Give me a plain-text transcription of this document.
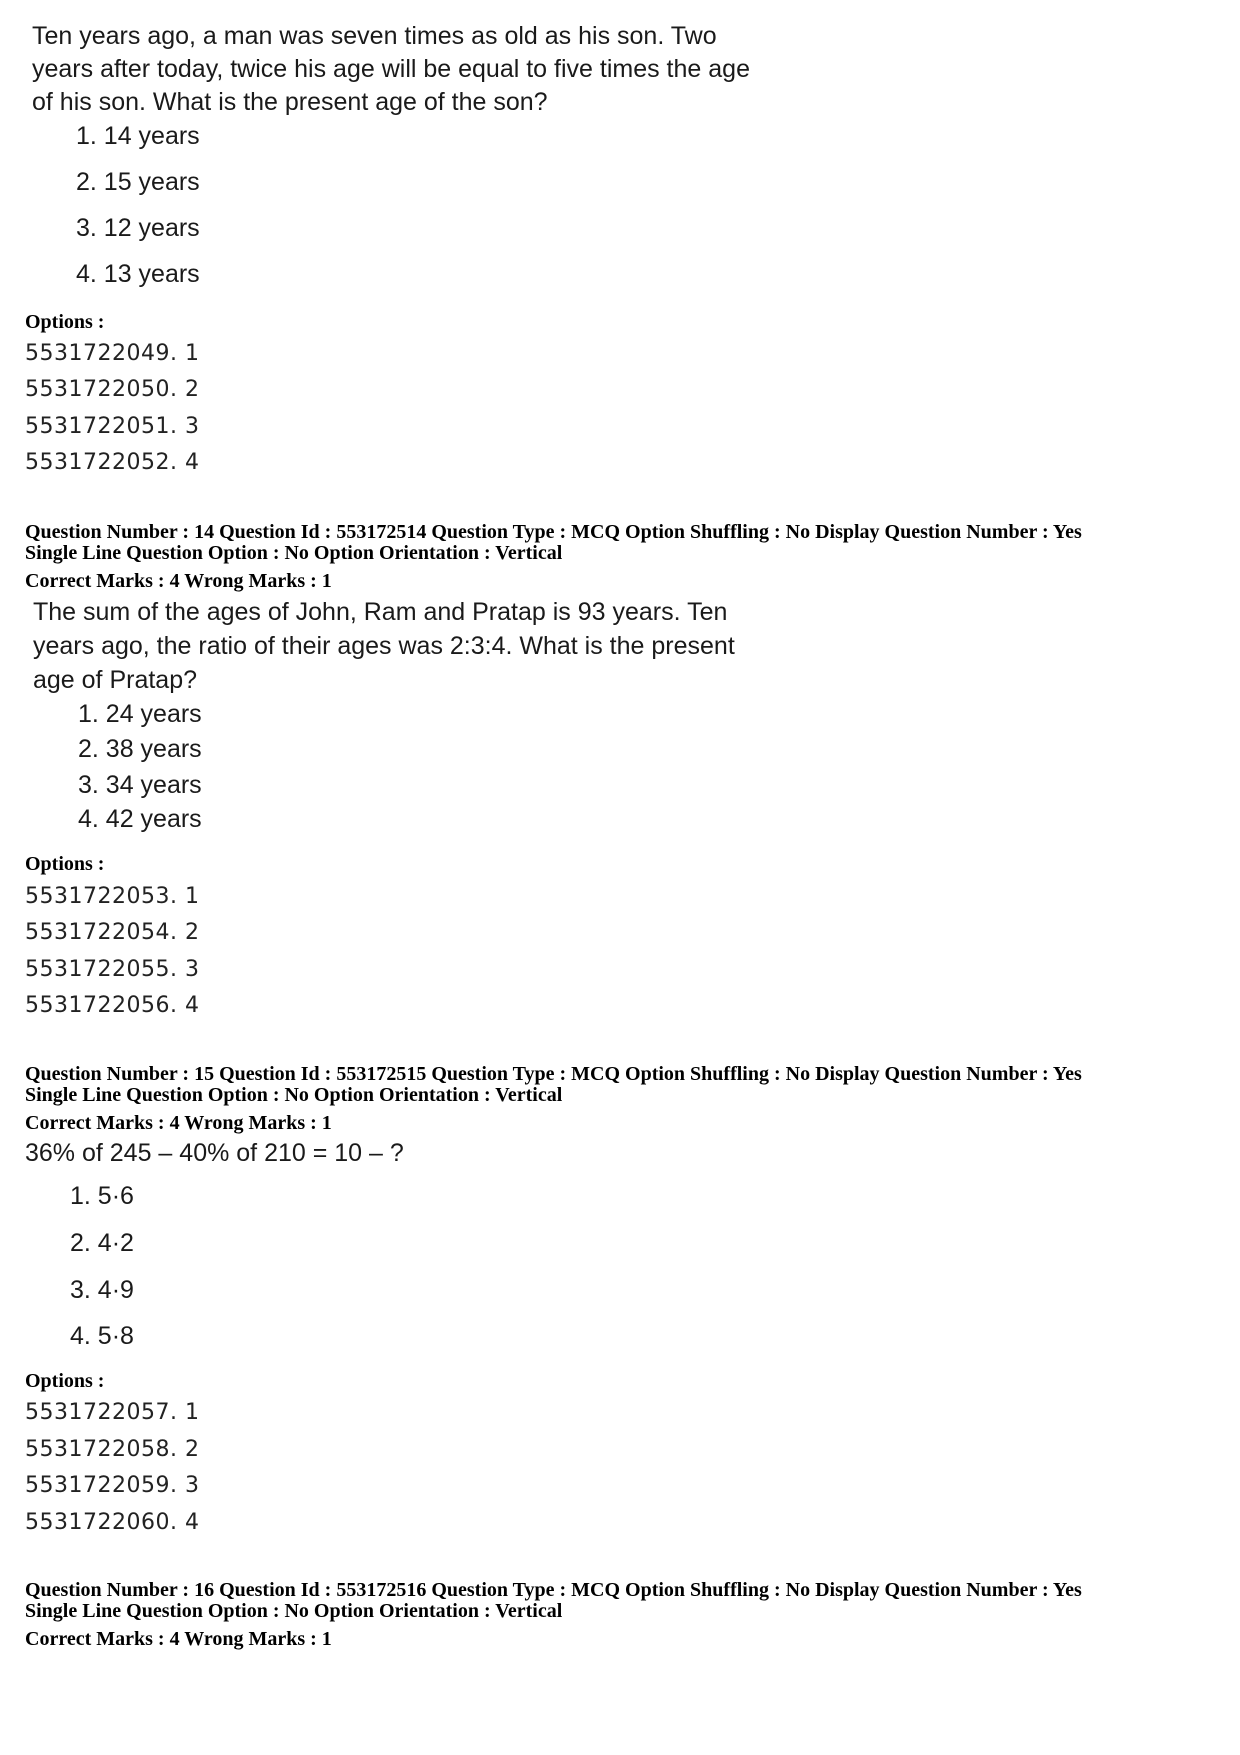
Ten years ago, a man was seven times as old as his son. Two
years after today, twice his age will be equal to five times the age
of his son. What is the present age of the son?
1. 14 years
2. 15 years
3. 12 years
4. 13 years
Options :
5531722049. 1
5531722050. 2
5531722051. 3
5531722052. 4
Question Number : 14 Question Id : 553172514 Question Type : MCQ Option Shuffling : No Display Question Number : Yes
Single Line Question Option : No Option Orientation : Vertical
Correct Marks : 4 Wrong Marks : 1
The sum of the ages of John, Ram and Pratap is 93 years. Ten
years ago, the ratio of their ages was 2:3:4. What is the present
age of Pratap?
1. 24 years
2. 38 years
3. 34 years
4. 42 years
Options :
5531722053. 1
5531722054. 2
5531722055. 3
5531722056. 4
Question Number : 15 Question Id : 553172515 Question Type : MCQ Option Shuffling : No Display Question Number : Yes
Single Line Question Option : No Option Orientation : Vertical
Correct Marks : 4 Wrong Marks : 1
36% of 245 – 40% of 210 = 10 – ?
1. 5·6
2. 4·2
3. 4·9
4. 5·8
Options :
5531722057. 1
5531722058. 2
5531722059. 3
5531722060. 4
Question Number : 16 Question Id : 553172516 Question Type : MCQ Option Shuffling : No Display Question Number : Yes
Single Line Question Option : No Option Orientation : Vertical
Correct Marks : 4 Wrong Marks : 1
